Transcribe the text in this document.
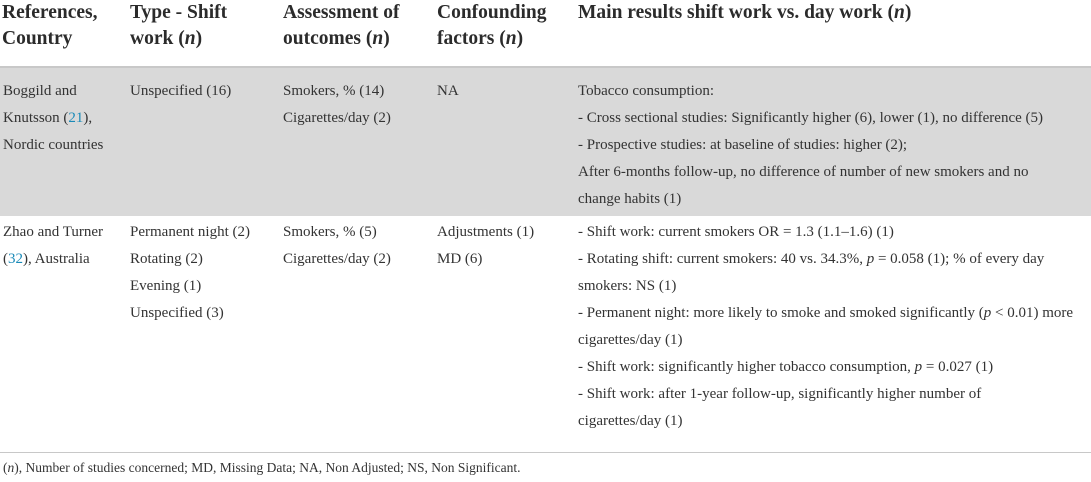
References,
Country
Type - Shift
work (n)
Assessment of
outcomes (n)
Confounding
factors (n)
Main results shift work vs. day work (n)
Boggild and
Knutsson (21),
Nordic countries
Unspecified (16)	Smokers, % (14)
Cigarettes/day (2)
NA	Tobacco consumption:
- Cross sectional studies: Significantly higher (6), lower (1), no difference (5)
- Prospective studies: at baseline of studies: higher (2);
After 6-months follow-up, no difference of number of new smokers and no
change habits (1)
Zhao and Turner
(32), Australia
Permanent night (2)
Rotating (2)
Evening (1)
Unspecified (3)
Smokers, % (5)
Cigarettes/day (2)
Adjustments (1)
MD (6)
- Shift work: current smokers OR = 1.3 (1.1–1.6) (1)
- Rotating shift: current smokers: 40 vs. 34.3%, p = 0.058 (1); % of every day
smokers: NS (1)
- Permanent night: more likely to smoke and smoked significantly (p < 0.01) more
cigarettes/day (1)
- Shift work: significantly higher tobacco consumption, p = 0.027 (1)
- Shift work: after 1-year follow-up, significantly higher number of
cigarettes/day (1)
(n), Number of studies concerned; MD, Missing Data; NA, Non Adjusted; NS, Non Significant.
